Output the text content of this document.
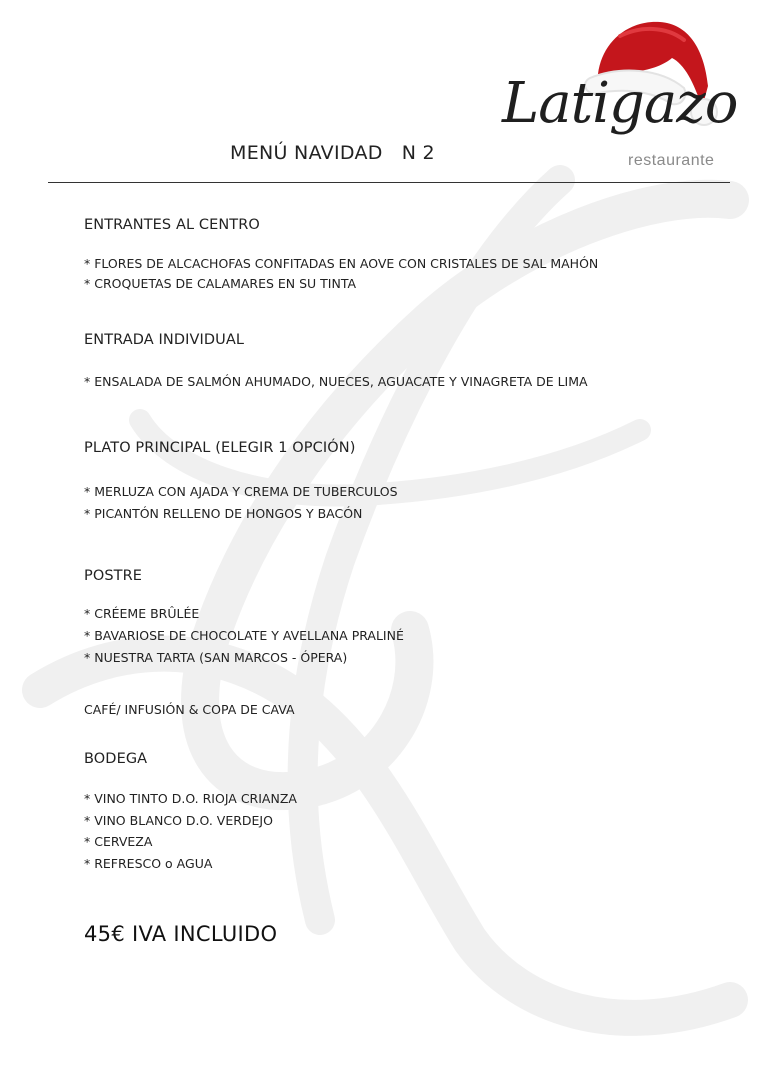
Latigazo
restaurante
MENÚ NAVIDAD   N 2
ENTRANTES AL CENTRO
* FLORES DE ALCACHOFAS CONFITADAS EN AOVE CON CRISTALES DE SAL MAHÓN
* CROQUETAS DE CALAMARES EN SU TINTA
ENTRADA INDIVIDUAL
* ENSALADA DE SALMÓN AHUMADO, NUECES, AGUACATE Y VINAGRETA DE LIMA
PLATO PRINCIPAL (ELEGIR 1 OPCIÓN)
* MERLUZA CON AJADA Y CREMA DE TUBERCULOS
* PICANTÓN RELLENO DE HONGOS Y BACÓN
POSTRE
* CRÉEME BRÛLÉE
* BAVARIOSE DE CHOCOLATE Y AVELLANA PRALINÉ
* NUESTRA TARTA (SAN MARCOS - ÓPERA)
CAFÉ/ INFUSIÓN & COPA DE CAVA
BODEGA
* VINO TINTO D.O. RIOJA CRIANZA
* VINO BLANCO D.O. VERDEJO
* CERVEZA
* REFRESCO o AGUA
45€ IVA INCLUIDO
